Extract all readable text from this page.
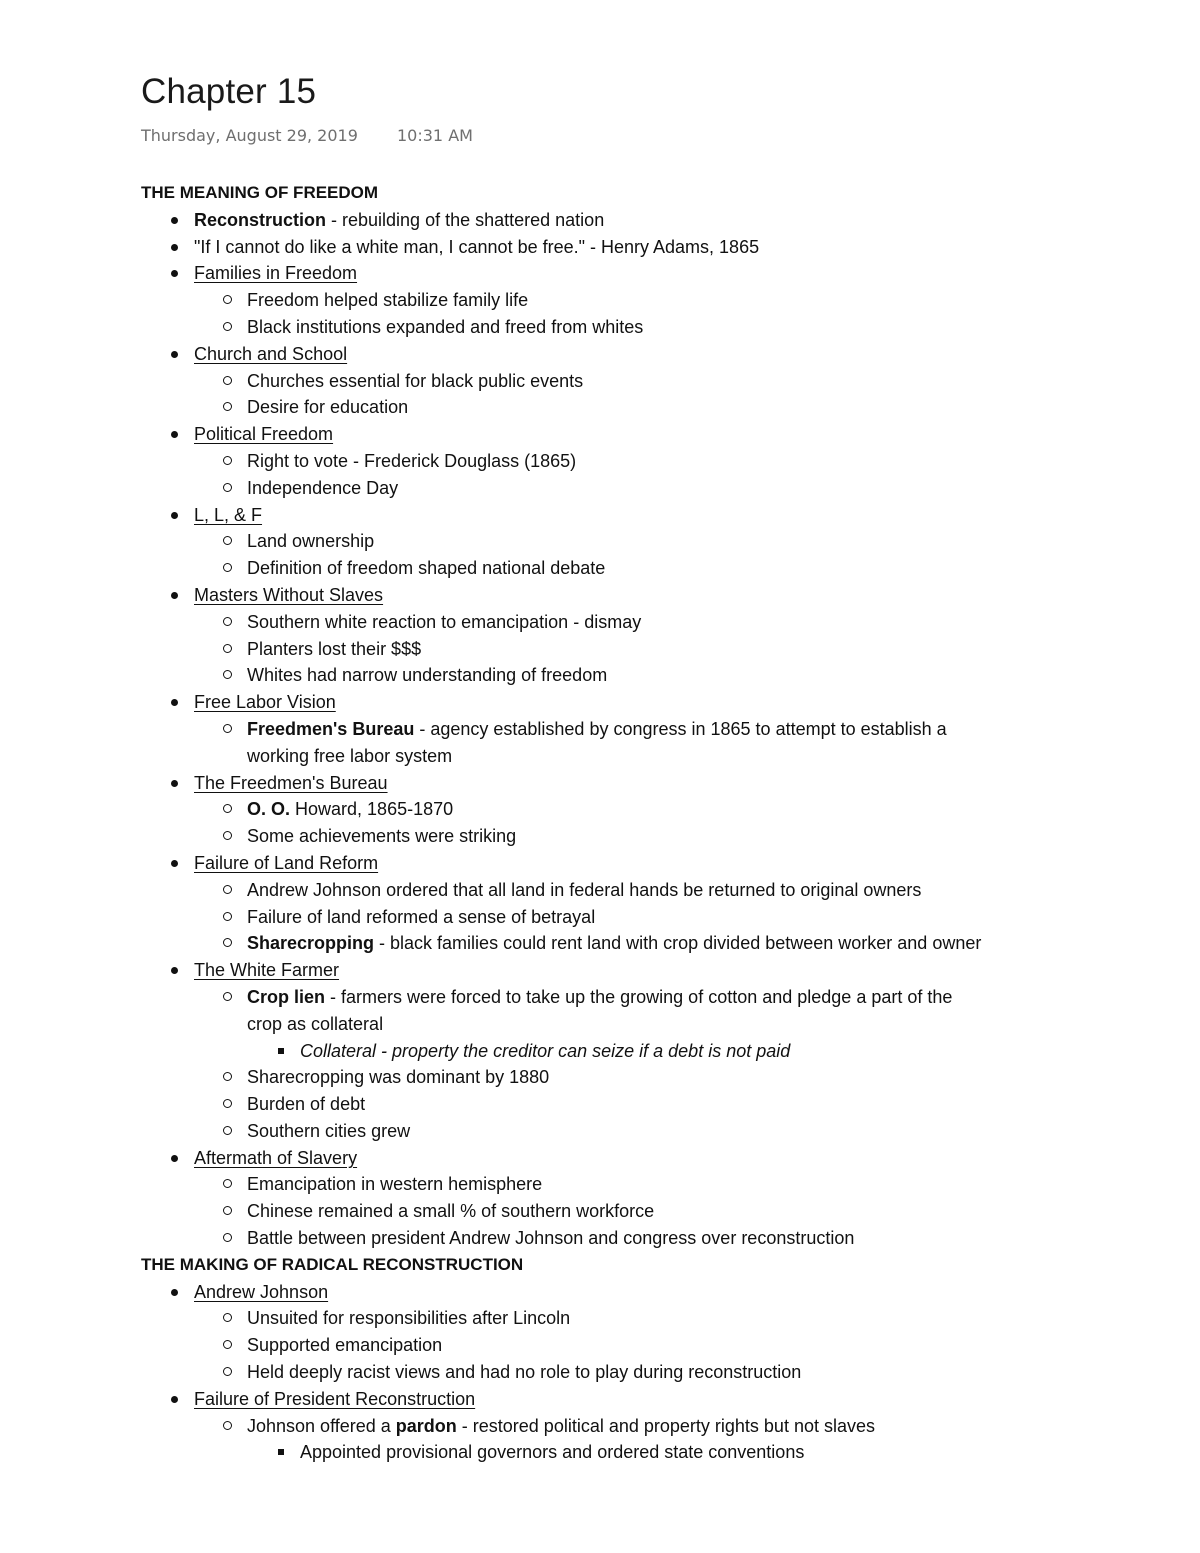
Chapter 15
Thursday, August 29, 2019 10:31 AM
THE MEANING OF FREEDOM
Reconstruction - rebuilding of the shattered nation
"If I cannot do like a white man, I cannot be free." - Henry Adams, 1865
Families in Freedom
Freedom helped stabilize family life
Black institutions expanded and freed from whites
Church and School
Churches essential for black public events
Desire for education
Political Freedom
Right to vote - Frederick Douglass (1865)
Independence Day
L, L, & F
Land ownership
Definition of freedom shaped national debate
Masters Without Slaves
Southern white reaction to emancipation - dismay
Planters lost their $$$
Whites had narrow understanding of freedom
Free Labor Vision
Freedmen's Bureau - agency established by congress in 1865 to attempt to establish a
working free labor system
The Freedmen's Bureau
O. O. Howard, 1865-1870
Some achievements were striking
Failure of Land Reform
Andrew Johnson ordered that all land in federal hands be returned to original owners
Failure of land reformed a sense of betrayal
Sharecropping - black families could rent land with crop divided between worker and owner
The White Farmer
Crop lien - farmers were forced to take up the growing of cotton and pledge a part of the
crop as collateral
Collateral - property the creditor can seize if a debt is not paid
Sharecropping was dominant by 1880
Burden of debt
Southern cities grew
Aftermath of Slavery
Emancipation in western hemisphere
Chinese remained a small % of southern workforce
Battle between president Andrew Johnson and congress over reconstruction
THE MAKING OF RADICAL RECONSTRUCTION
Andrew Johnson
Unsuited for responsibilities after Lincoln
Supported emancipation
Held deeply racist views and had no role to play during reconstruction
Failure of President Reconstruction
Johnson offered a pardon - restored political and property rights but not slaves
Appointed provisional governors and ordered state conventions
